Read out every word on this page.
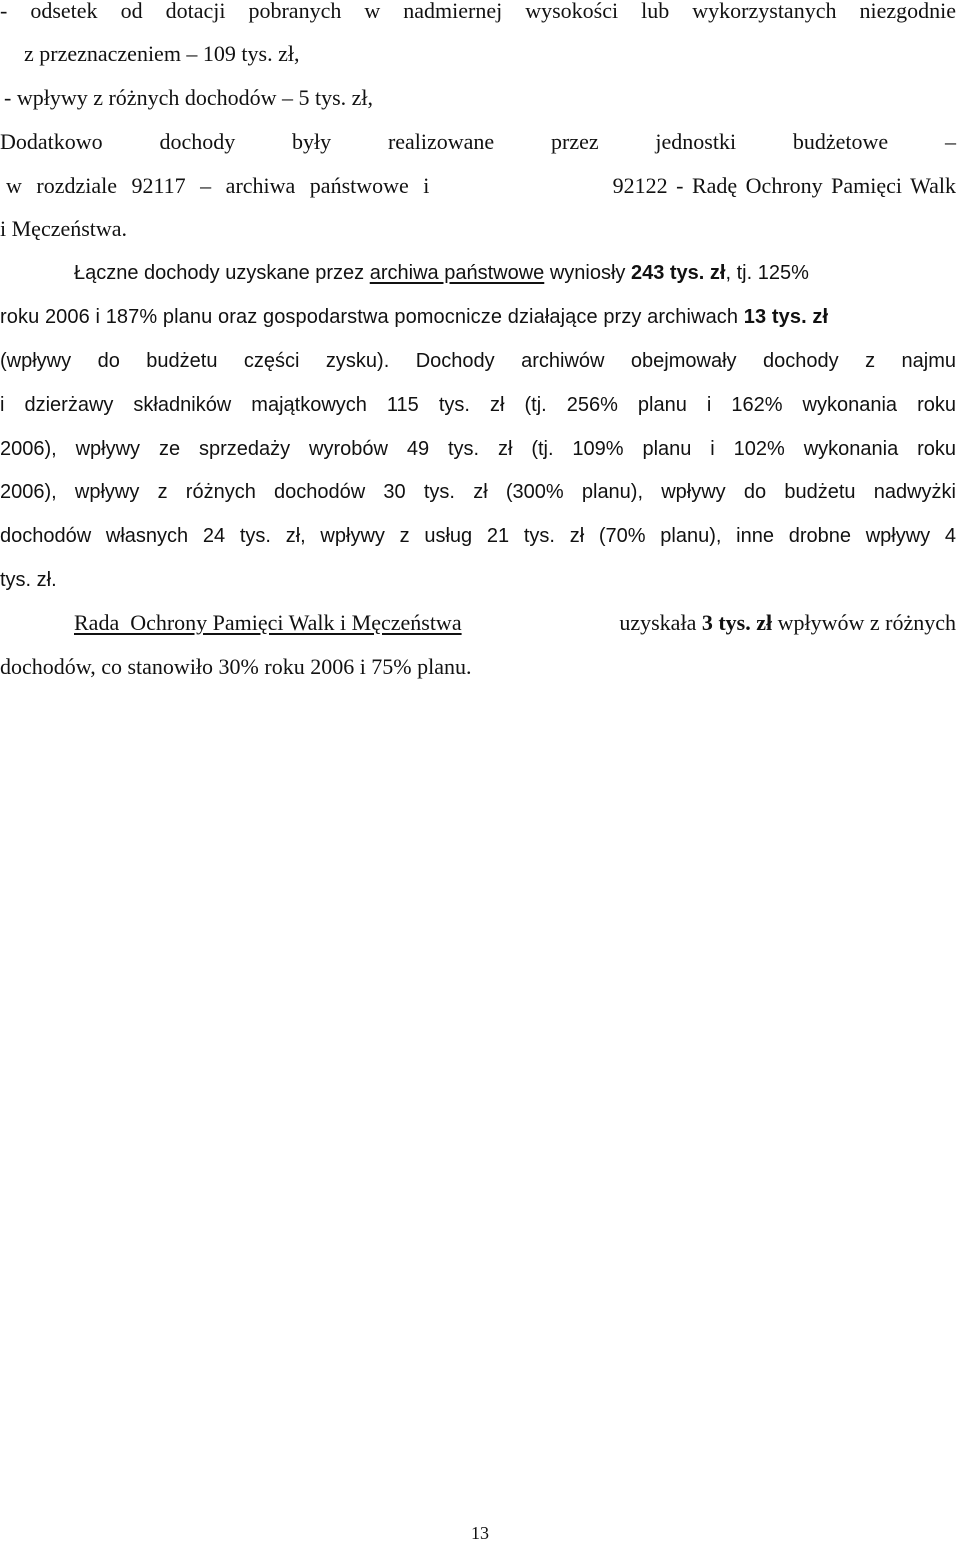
- odsetek od dotacji pobranych w nadmiernej wysokości lub wykorzystanych niezgodnie
z przeznaczeniem – 109 tys. zł,
- wpływy z różnych dochodów – 5 tys. zł,
Dodatkowo dochody były realizowane przez jednostki budżetowe –
w rozdziale 92117 – archiwa państwowe i	92122 - Radę Ochrony Pamięci Walk
i Męczeństwa.
Łączne dochody uzyskane przez archiwa państwowe wyniosły 243 tys. zł, tj. 125%
roku 2006 i 187% planu oraz gospodarstwa pomocnicze działające przy archiwach 13 tys. zł
(wpływy do budżetu części zysku). Dochody archiwów obejmowały dochody z najmu
i dzierżawy składników majątkowych 115 tys. zł (tj. 256% planu i 162% wykonania roku
2006), wpływy ze sprzedaży wyrobów 49 tys. zł (tj. 109% planu i 102% wykonania roku
2006), wpływy z różnych dochodów 30 tys. zł (300% planu), wpływy do budżetu nadwyżki
dochodów własnych 24 tys. zł, wpływy z usług 21 tys. zł (70% planu), inne drobne wpływy 4
tys. zł.
Rada  Ochrony Pamięci Walk i Męczeństwa	uzyskała 3 tys. zł wpływów z różnych
dochodów, co stanowiło 30% roku 2006 i 75% planu.
13
